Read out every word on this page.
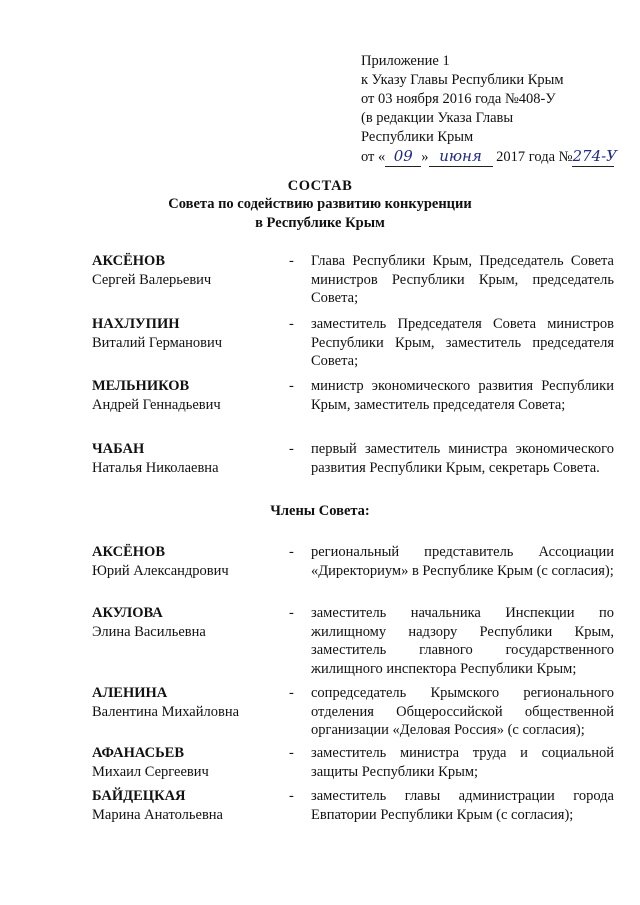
Приложение 1
к Указу Главы Республики Крым
от 03 ноября 2016 года №408-У
(в редакции Указа Главы
Республики Крым
от « 09 » июня 2017 года №274-У
СОСТАВ
Совета по содействию развитию конкуренции
в Республике Крым
АКСЁНОВ
Сергей Валерьевич
- Глава Республики Крым, Председатель Совета министров Республики Крым, председатель Совета;
НАХЛУПИН
Виталий Германович
- заместитель Председателя Совета министров Республики Крым, заместитель председателя Совета;
МЕЛЬНИКОВ
Андрей Геннадьевич
- министр экономического развития Республики Крым, заместитель председателя Совета;
ЧАБАН
Наталья Николаевна
- первый заместитель министра экономического развития Республики Крым, секретарь Совета.
Члены Совета:
АКСЁНОВ
Юрий Александрович
- региональный представитель Ассоциации «Директориум» в Республике Крым (с согласия);
АКУЛОВА
Элина Васильевна
- заместитель начальника Инспекции по жилищному надзору Республики Крым, заместитель главного государственного жилищного инспектора Республики Крым;
АЛЕНИНА
Валентина Михайловна
- сопредседатель Крымского регионального отделения Общероссийской общественной организации «Деловая Россия» (с согласия);
АФАНАСЬЕВ
Михаил Сергеевич
- заместитель министра труда и социальной защиты Республики Крым;
БАЙДЕЦКАЯ
Марина Анатольевна
- заместитель главы администрации города Евпатории Республики Крым (с согласия);
